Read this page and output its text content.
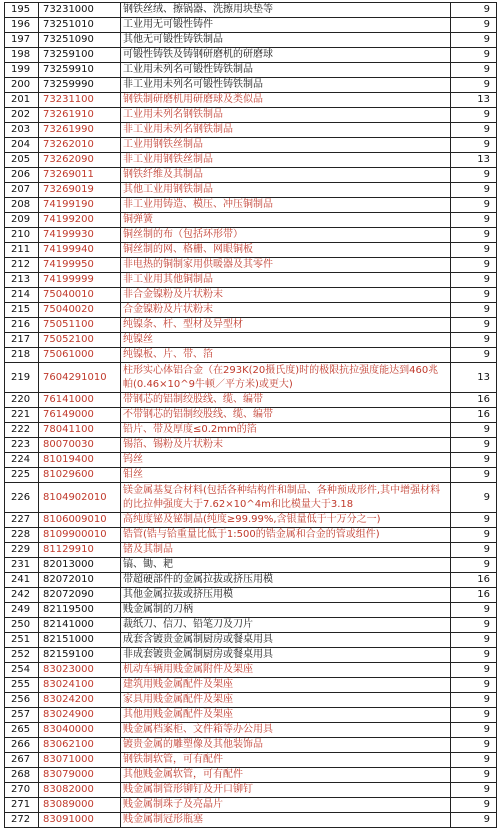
195	73231000	钢铁丝绒、擦锅器、洗擦用块垫等	9
196	73251010	工业用无可锻性铸件	9
197	73251090	其他无可锻性铸铁制品	9
198	73259100	可锻性铸铁及铸钢研磨机的研磨球	9
199	73259910	工业用未列名可锻性铸铁制品	9
200	73259990	非工业用未列名可锻性铸铁制品	9
201	73231100	钢铁制研磨机用研磨球及类似品	13
202	73261910	工业用未列名钢铁制品	9
203	73261990	非工业用未列名钢铁制品	9
204	73262010	工业用钢铁丝制品	9
205	73262090	非工业用钢铁丝制品	13
206	73269011	钢铁纤维及其制品	9
207	73269019	其他工业用钢铁制品	9
208	74199190	非工业用铸造、模压、冲压铜制品	9
209	74199200	铜弹簧	9
210	74199930	铜丝制的布（包括环形带）	9
211	74199940	铜丝制的网、格栅、网眼铜板	9
212	74199950	非电热的铜制家用供暖器及其零件	9
213	74199999	非工业用其他铜制品	9
214	75040010	非合金镍粉及片状粉末	9
215	75040020	合金镍粉及片状粉末	9
216	75051100	纯镍条、杆、型材及异型材	9
217	75052100	纯镍丝	9
218	75061000	纯镍板、片、带、箔	9
219	7604291010	柱形实心体铝合金（在293K(20摄氏度)时的极限抗拉强度能达到460兆帕(0.46×10^9牛顿／平方米)或更大)	13
220	76141000	带钢芯的铝制绞股线、缆、编带	16
221	76149000	不带钢芯的铝制绞股线、缆、编带	16
222	78041100	铅片、带及厚度≤0.2mm的箔	9
223	80070030	锡箔、锡粉及片状粉末	9
224	81019400	钨丝	9
225	81029600	钼丝	9
226	8104902010	镁金属基复合材料(包括各种结构件和制品、各种预成形件,其中增强材料的比拉伸强度大于7.62×10^4m和比模量大于3.18	9
227	8106009010	高纯度铋及铋制品(纯度≥99.99%,含银量低于十万分之一)	9
228	8109900010	锆管(锆与铪重量比低于1:500的锆金属和合金的管或组件)	9
229	81129910	锗及其制品	9
231	82013000	镐、锄、耙	9
241	82072010	带超硬部件的金属拉拔或挤压用模	16
242	82072090	其他金属拉拔或挤压用模	16
249	82119500	贱金属制的刀柄	9
250	82141000	裁纸刀、信刀、铅笔刀及刀片	9
251	82151000	成套含镀贵金属制厨房或餐桌用具	9
252	82159100	非成套镀贵金属制厨房或餐桌用具	9
254	83023000	机动车辆用贱金属附件及架座	9
255	83024100	建筑用贱金属配件及架座	9
256	83024200	家具用贱金属配件及架座	9
257	83024900	其他用贱金属配件及架座	9
265	83040000	贱金属档案柜、文件箱等办公用具	9
266	83062100	镀贵金属的雕塑像及其他装饰品	9
267	83071000	钢铁制软管，可有配件	9
268	83079000	其他贱金属软管，可有配件	9
270	83082000	贱金属制管形铆钉及开口铆钉	9
271	83089000	贱金属制珠子及亮晶片	9
272	83091000	贱金属制冠形瓶塞	9
